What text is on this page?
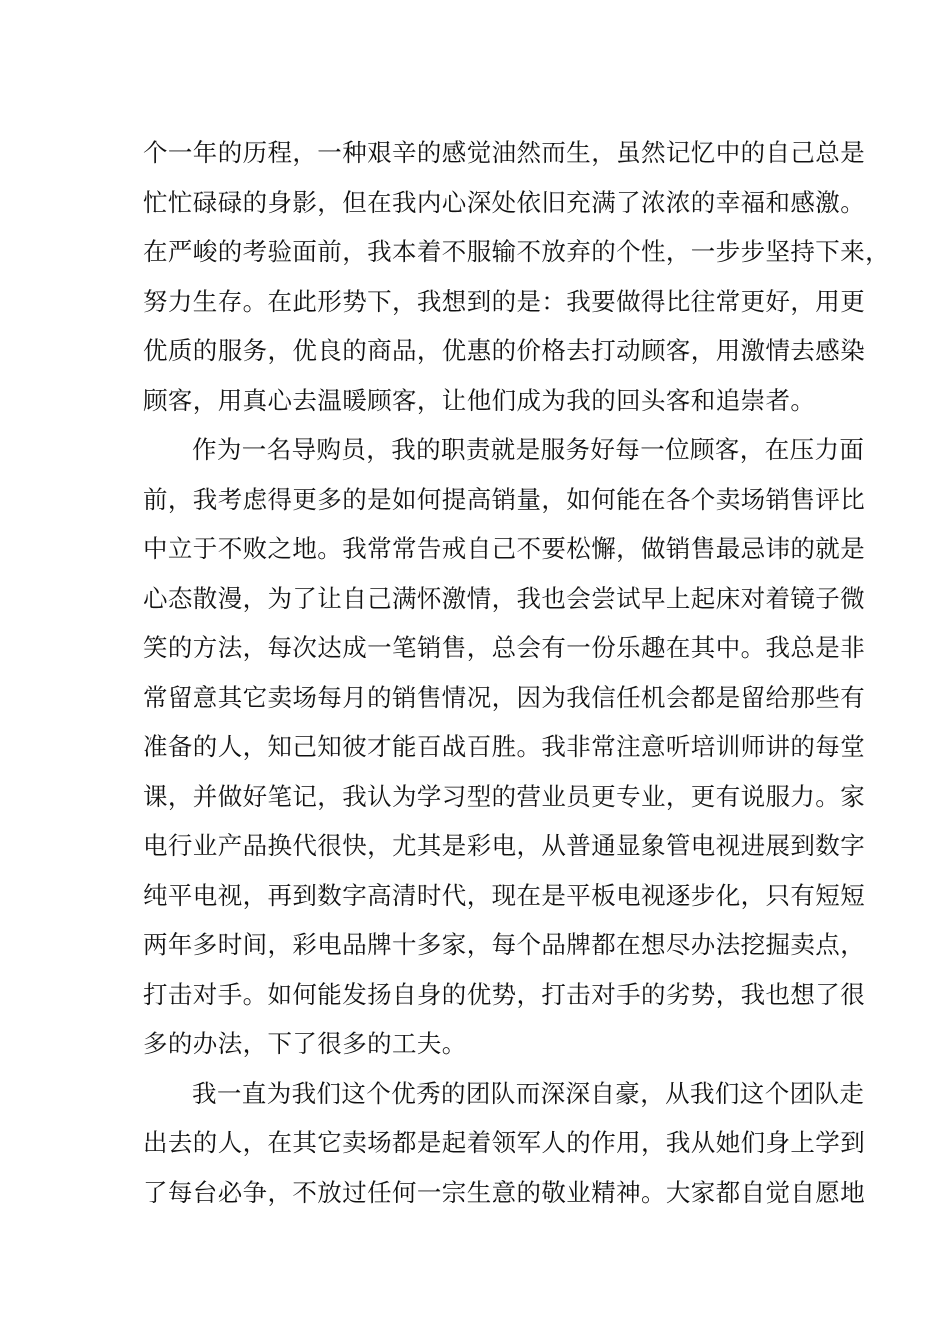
个一年的历程，一种艰辛的感觉油然而生，虽然记忆中的自己总是
忙忙碌碌的身影，但在我内心深处依旧充满了浓浓的幸福和感激。
在严峻的考验面前，我本着不服输不放弃的个性，一步步坚持下来，
努力生存。在此形势下，我想到的是：我要做得比往常更好，用更
优质的服务，优良的商品，优惠的价格去打动顾客，用激情去感染
顾客，用真心去温暖顾客，让他们成为我的回头客和追崇者。
作为一名导购员，我的职责就是服务好每一位顾客，在压力面
前，我考虑得更多的是如何提高销量，如何能在各个卖场销售评比
中立于不败之地。我常常告戒自己不要松懈，做销售最忌讳的就是
心态散漫，为了让自己满怀激情，我也会尝试早上起床对着镜子微
笑的方法，每次达成一笔销售，总会有一份乐趣在其中。我总是非
常留意其它卖场每月的销售情况，因为我信任机会都是留给那些有
准备的人，知己知彼才能百战百胜。我非常注意听培训师讲的每堂
课，并做好笔记，我认为学习型的营业员更专业，更有说服力。家
电行业产品换代很快，尤其是彩电，从普通显象管电视进展到数字
纯平电视，再到数字高清时代，现在是平板电视逐步化，只有短短
两年多时间，彩电品牌十多家，每个品牌都在想尽办法挖掘卖点，
打击对手。如何能发扬自身的优势，打击对手的劣势，我也想了很
多的办法，下了很多的工夫。
我一直为我们这个优秀的团队而深深自豪，从我们这个团队走
出去的人，在其它卖场都是起着领军人的作用，我从她们身上学到
了每台必争，不放过任何一宗生意的敬业精神。大家都自觉自愿地
